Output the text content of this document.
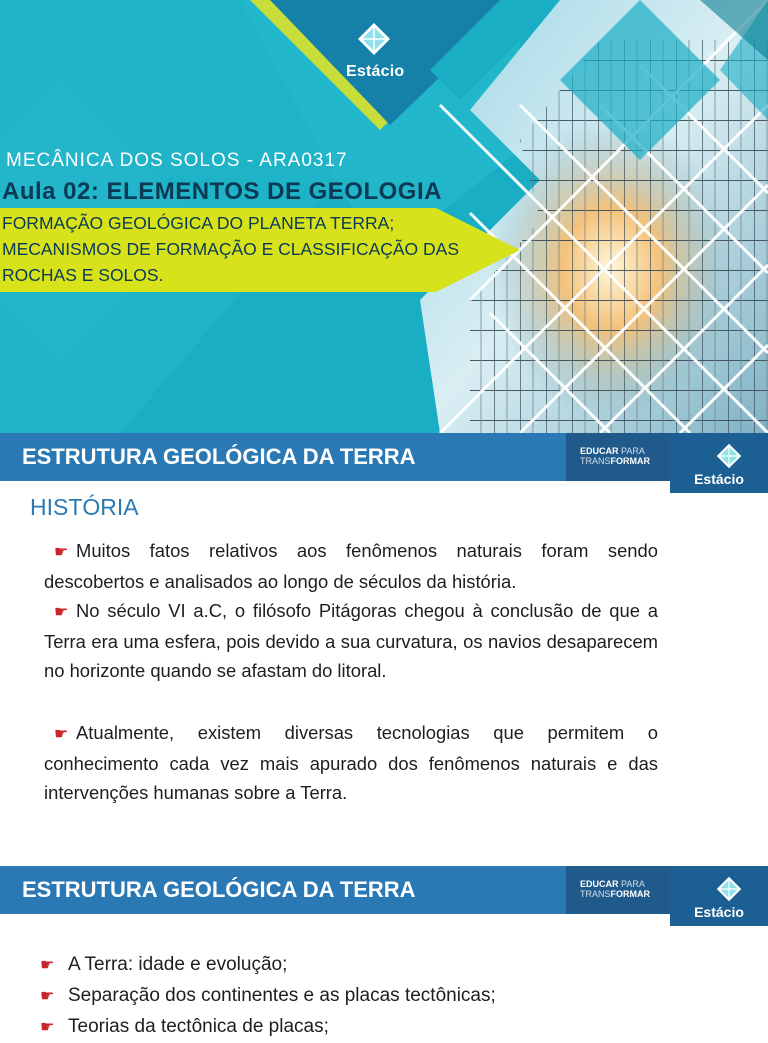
Estácio
MECÂNICA DOS SOLOS - ARA0317
Aula 02: ELEMENTOS DE GEOLOGIA
FORMAÇÃO GEOLÓGICA DO PLANETA TERRA;
MECANISMOS DE FORMAÇÃO E CLASSIFICAÇÃO DAS
ROCHAS E SOLOS.
ESTRUTURA GEOLÓGICA DA TERRA	EDUCAR PARA
TRANSFORMAR
Estácio
HISTÓRIA
☛ Muitos fatos relativos aos fenômenos naturais foram sendo descobertos e analisados ao longo de séculos da história.
☛ No século VI a.C, o filósofo Pitágoras chegou à conclusão de que a Terra era uma esfera, pois devido a sua curvatura, os navios desaparecem no horizonte quando se afastam do litoral.
☛ Atualmente, existem diversas tecnologias que permitem o conhecimento cada vez mais apurado dos fenômenos naturais e das intervenções humanas sobre a Terra.
ESTRUTURA GEOLÓGICA DA TERRA	EDUCAR PARA
TRANSFORMAR
Estácio
☛ A Terra: idade e evolução;
☛ Separação dos continentes e as placas tectônicas;
☛ Teorias da tectônica de placas;
